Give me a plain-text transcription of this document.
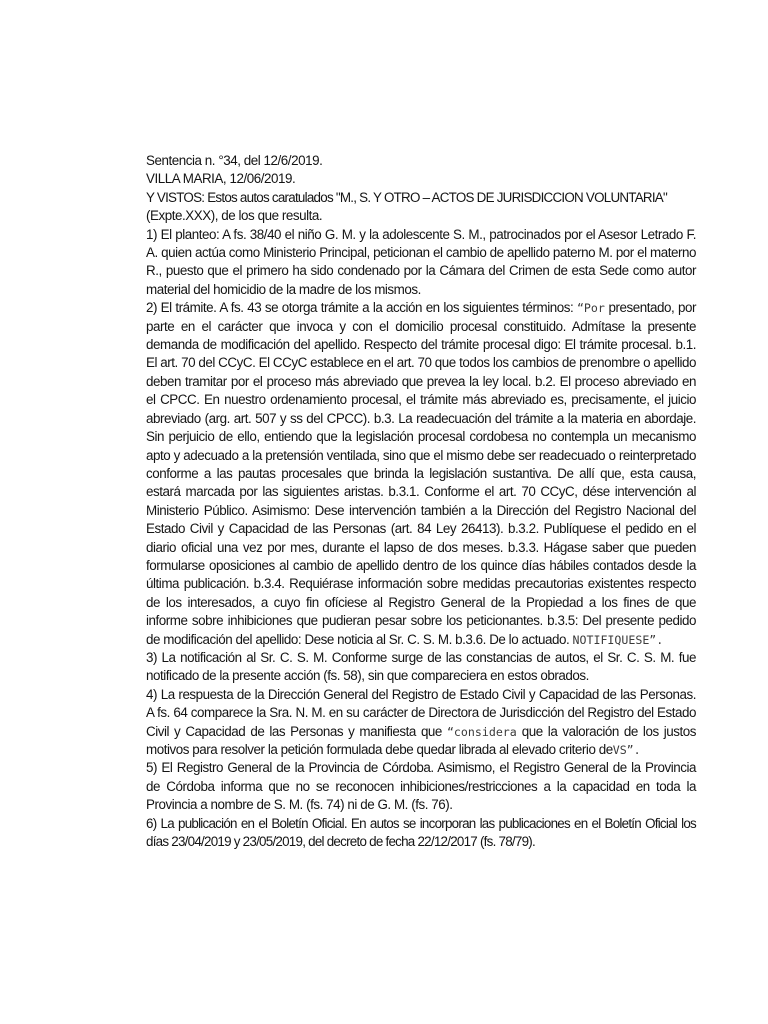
Sentencia n. °34, del 12/6/2019.
VILLA MARIA, 12/06/2019.
Y VISTOS: Estos autos caratulados "M., S. Y OTRO – ACTOS DE JURISDICCION VOLUNTARIA"
(Expte.XXX), de los que resulta.

1) El planteo: A fs. 38/40 el niño G. M. y la adolescente S. M., patrocinados por el Asesor Letrado F. A. quien actúa como Ministerio Principal, peticionan el cambio de apellido paterno M. por el materno R., puesto que el primero ha sido condenado por la Cámara del Crimen de esta Sede como autor material del homicidio de la madre de los mismos.

2) El trámite. A fs. 43 se otorga trámite a la acción en los siguientes términos: “Por presentado, por parte en el carácter que invoca y con el domicilio procesal constituido. Admítase la presente demanda de modificación del apellido. Respecto del trámite procesal digo: El trámite procesal. b.1. El art. 70 del CCyC. El CCyC establece en el art. 70 que todos los cambios de prenombre o apellido deben tramitar por el proceso más abreviado que prevea la ley local. b.2. El proceso abreviado en el CPCC. En nuestro ordenamiento procesal, el trámite más abreviado es, precisamente, el juicio abreviado (arg. art. 507 y ss del CPCC). b.3. La readecuación del trámite a la materia en abordaje. Sin perjuicio de ello, entiendo que la legislación procesal cordobesa no contempla un mecanismo apto y adecuado a la pretensión ventilada, sino que el mismo debe ser readecuado o reinterpretado conforme a las pautas procesales que brinda la legislación sustantiva. De allí que, esta causa, estará marcada por las siguientes aristas. b.3.1. Conforme el art. 70 CCyC, dése intervención al Ministerio Público. Asimismo: Dese intervención también a la Dirección del Registro Nacional del Estado Civil y Capacidad de las Personas (art. 84 Ley 26413). b.3.2. Publíquese el pedido en el diario oficial una vez por mes, durante el lapso de dos meses. b.3.3. Hágase saber que pueden formularse oposiciones al cambio de apellido dentro de los quince días hábiles contados desde la última publicación. b.3.4. Requiérase información sobre medidas precautorias existentes respecto de los interesados, a cuyo fin ofíciese al Registro General de la Propiedad a los fines de que informe sobre inhibiciones que pudieran pesar sobre los peticionantes. b.3.5: Del presente pedido de modificación del apellido: Dese noticia al Sr. C. S. M. b.3.6. De lo actuado. NOTIFIQUESE”.

3) La notificación al Sr. C. S. M. Conforme surge de las constancias de autos, el Sr. C. S. M. fue notificado de la presente acción (fs. 58), sin que compareciera en estos obrados.

4) La respuesta de la Dirección General del Registro de Estado Civil y Capacidad de las Personas. A fs. 64 comparece la Sra. N. M. en su carácter de Directora de Jurisdicción del Registro del Estado Civil y Capacidad de las Personas y manifiesta que “considera que la valoración de los justos motivos para resolver la petición formulada debe quedar librada al elevado criterio deVS”.

5) El Registro General de la Provincia de Córdoba. Asimismo, el Registro General de la Provincia de Córdoba informa que no se reconocen inhibiciones/restricciones a la capacidad en toda la Provincia a nombre de S. M. (fs. 74) ni de G. M. (fs. 76).

6) La publicación en el Boletín Oficial. En autos se incorporan las publicaciones en el Boletín Oficial los días 23/04/2019 y 23/05/2019, del decreto de fecha 22/12/2017 (fs. 78/79).
